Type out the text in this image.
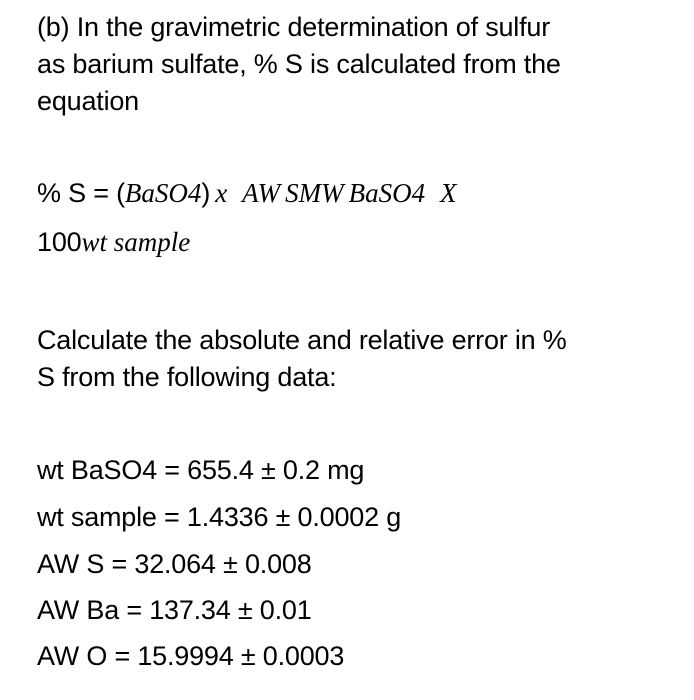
(b) In the gravimetric determination of sulfur
as barium sulfate, % S is calculated from the
equation
% S = (BaSO4) x AW SMW BaSO4 X
100wt sample
Calculate the absolute and relative error in %
S from the following data:
wt BaSO4 = 655.4 ± 0.2 mg
wt sample = 1.4336 ± 0.0002 g
AW S = 32.064 ± 0.008
AW Ba = 137.34 ± 0.01
AW O = 15.9994 ± 0.0003
